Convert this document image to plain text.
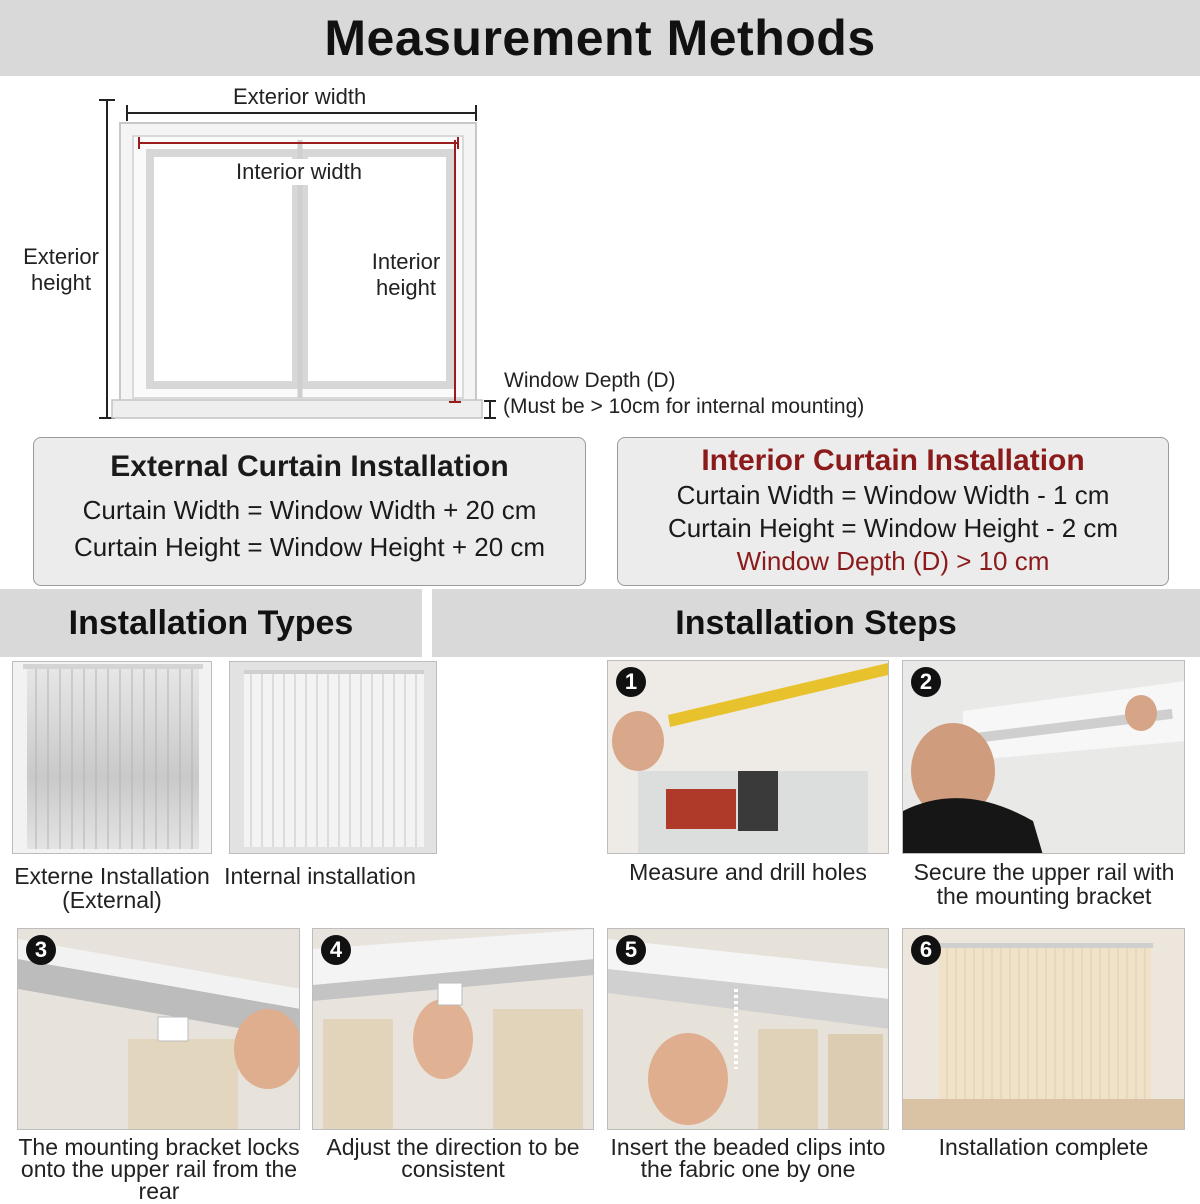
Measurement Methods
Exterior width
Interior width
Exterior
height
Interior
height
Window Depth (D)
(Must be > 10cm for internal mounting)
External Curtain Installation
Curtain Width = Window Width + 20 cm
Curtain Height = Window Height + 20 cm
Interior Curtain Installation
Curtain Width = Window Width - 1 cm
Curtain Height = Window Height - 2 cm
Window Depth (D) > 10 cm
Installation Types	Installation Steps
Externe Installation
(External)
Internal installation
1
Measure and drill holes
2
Secure the upper rail with
the mounting bracket
3
The mounting bracket locks
onto the upper rail from the
rear
4
Adjust the direction to be
consistent
5
Insert the beaded clips into
the fabric one by one
6
Installation complete
